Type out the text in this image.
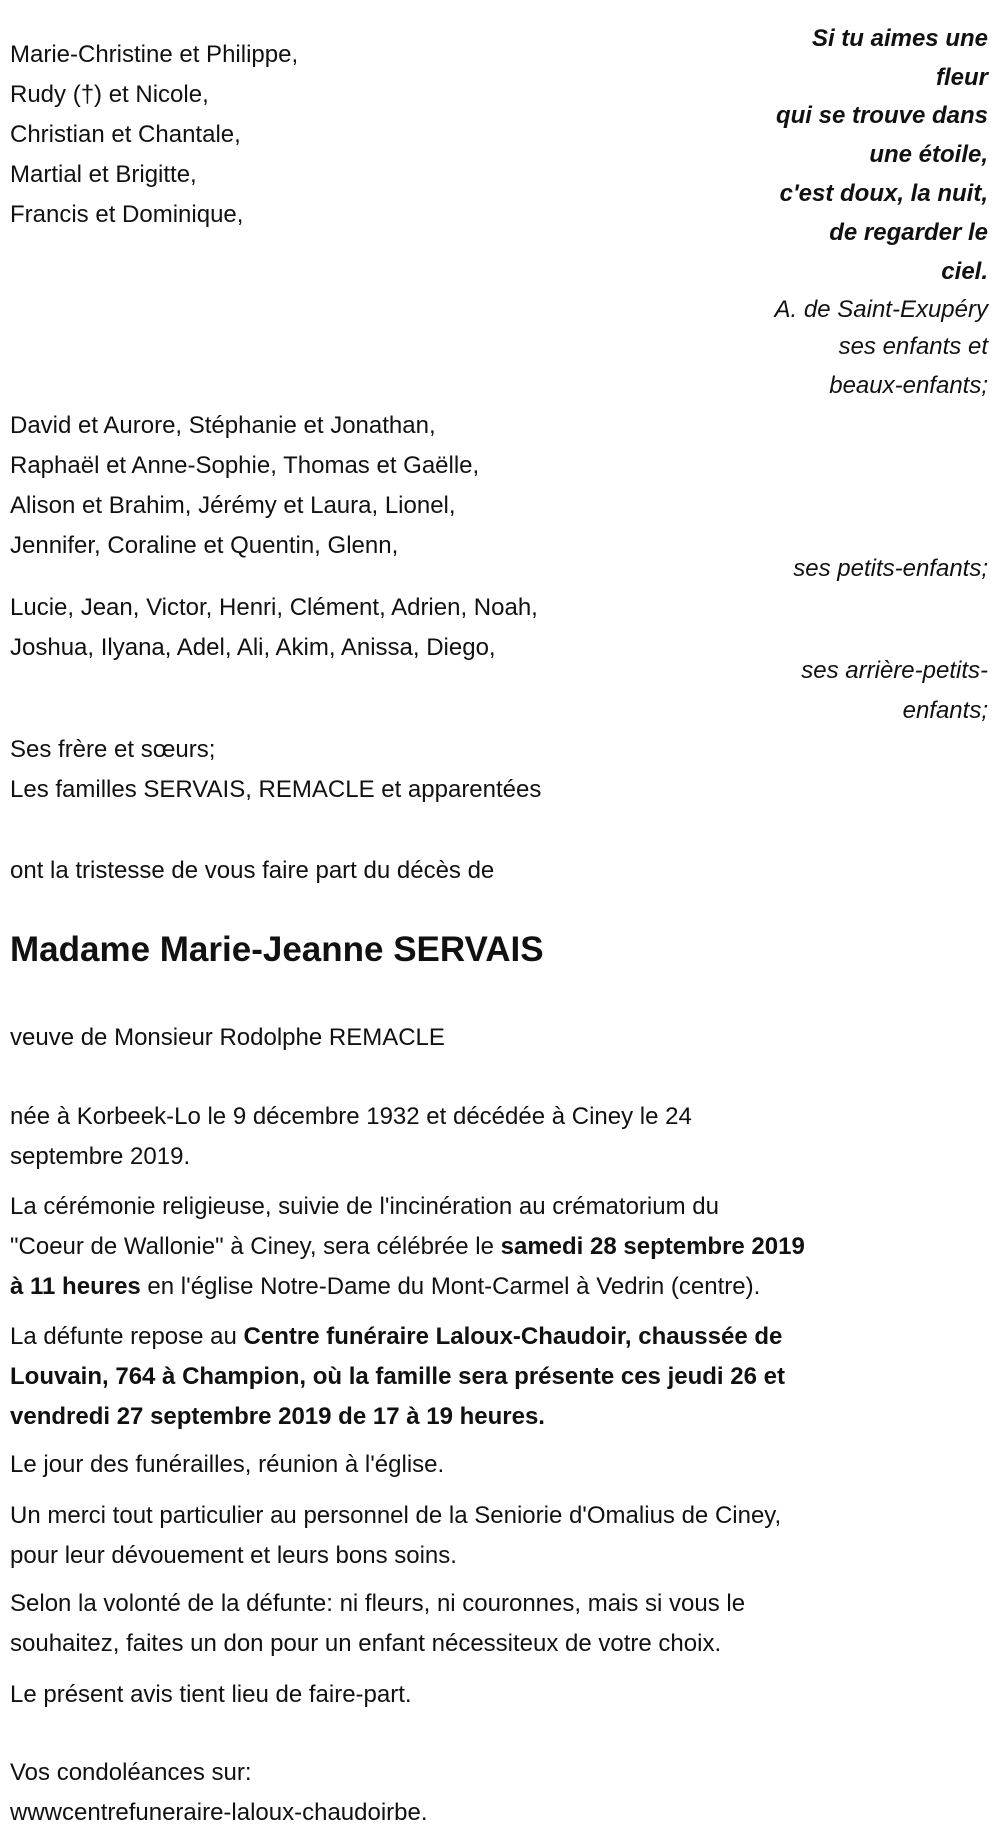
Marie-Christine et Philippe,
Rudy (†) et Nicole,
Christian et Chantale,
Martial et Brigitte,
Francis et Dominique,
Si tu aimes une
fleur
qui se trouve dans
une étoile,
c'est doux, la nuit,
de regarder le
ciel.
A. de Saint-Exupéry
ses enfants et
beaux-enfants;
David et Aurore, Stéphanie et Jonathan,
Raphaël et Anne-Sophie, Thomas et Gaëlle,
Alison et Brahim, Jérémy et Laura, Lionel,
Jennifer, Coraline et Quentin, Glenn,
ses petits-enfants;
Lucie, Jean, Victor, Henri, Clément, Adrien, Noah,
Joshua, Ilyana, Adel, Ali, Akim, Anissa, Diego,
ses arrière-petits-
enfants;
Ses frère et sœurs;
Les familles SERVAIS, REMACLE et apparentées
ont la tristesse de vous faire part du décès de
Madame Marie-Jeanne SERVAIS
veuve de Monsieur Rodolphe REMACLE
née à Korbeek-Lo le 9 décembre 1932 et décédée à Ciney le 24
septembre 2019.
La cérémonie religieuse, suivie de l'incinération au crématorium du
"Coeur de Wallonie" à Ciney, sera célébrée le samedi 28 septembre 2019
à 11 heures en l'église Notre-Dame du Mont-Carmel à Vedrin (centre).
La défunte repose au Centre funéraire Laloux-Chaudoir, chaussée de
Louvain, 764 à Champion, où la famille sera présente ces jeudi 26 et
vendredi 27 septembre 2019 de 17 à 19 heures.
Le jour des funérailles, réunion à l'église.
Un merci tout particulier au personnel de la Seniorie d'Omalius de Ciney,
pour leur dévouement et leurs bons soins.
Selon la volonté de la défunte: ni fleurs, ni couronnes, mais si vous le
souhaitez, faites un don pour un enfant nécessiteux de votre choix.
Le présent avis tient lieu de faire-part.
Vos condoléances sur:
wwwcentrefuneraire-laloux-chaudoirbe.
